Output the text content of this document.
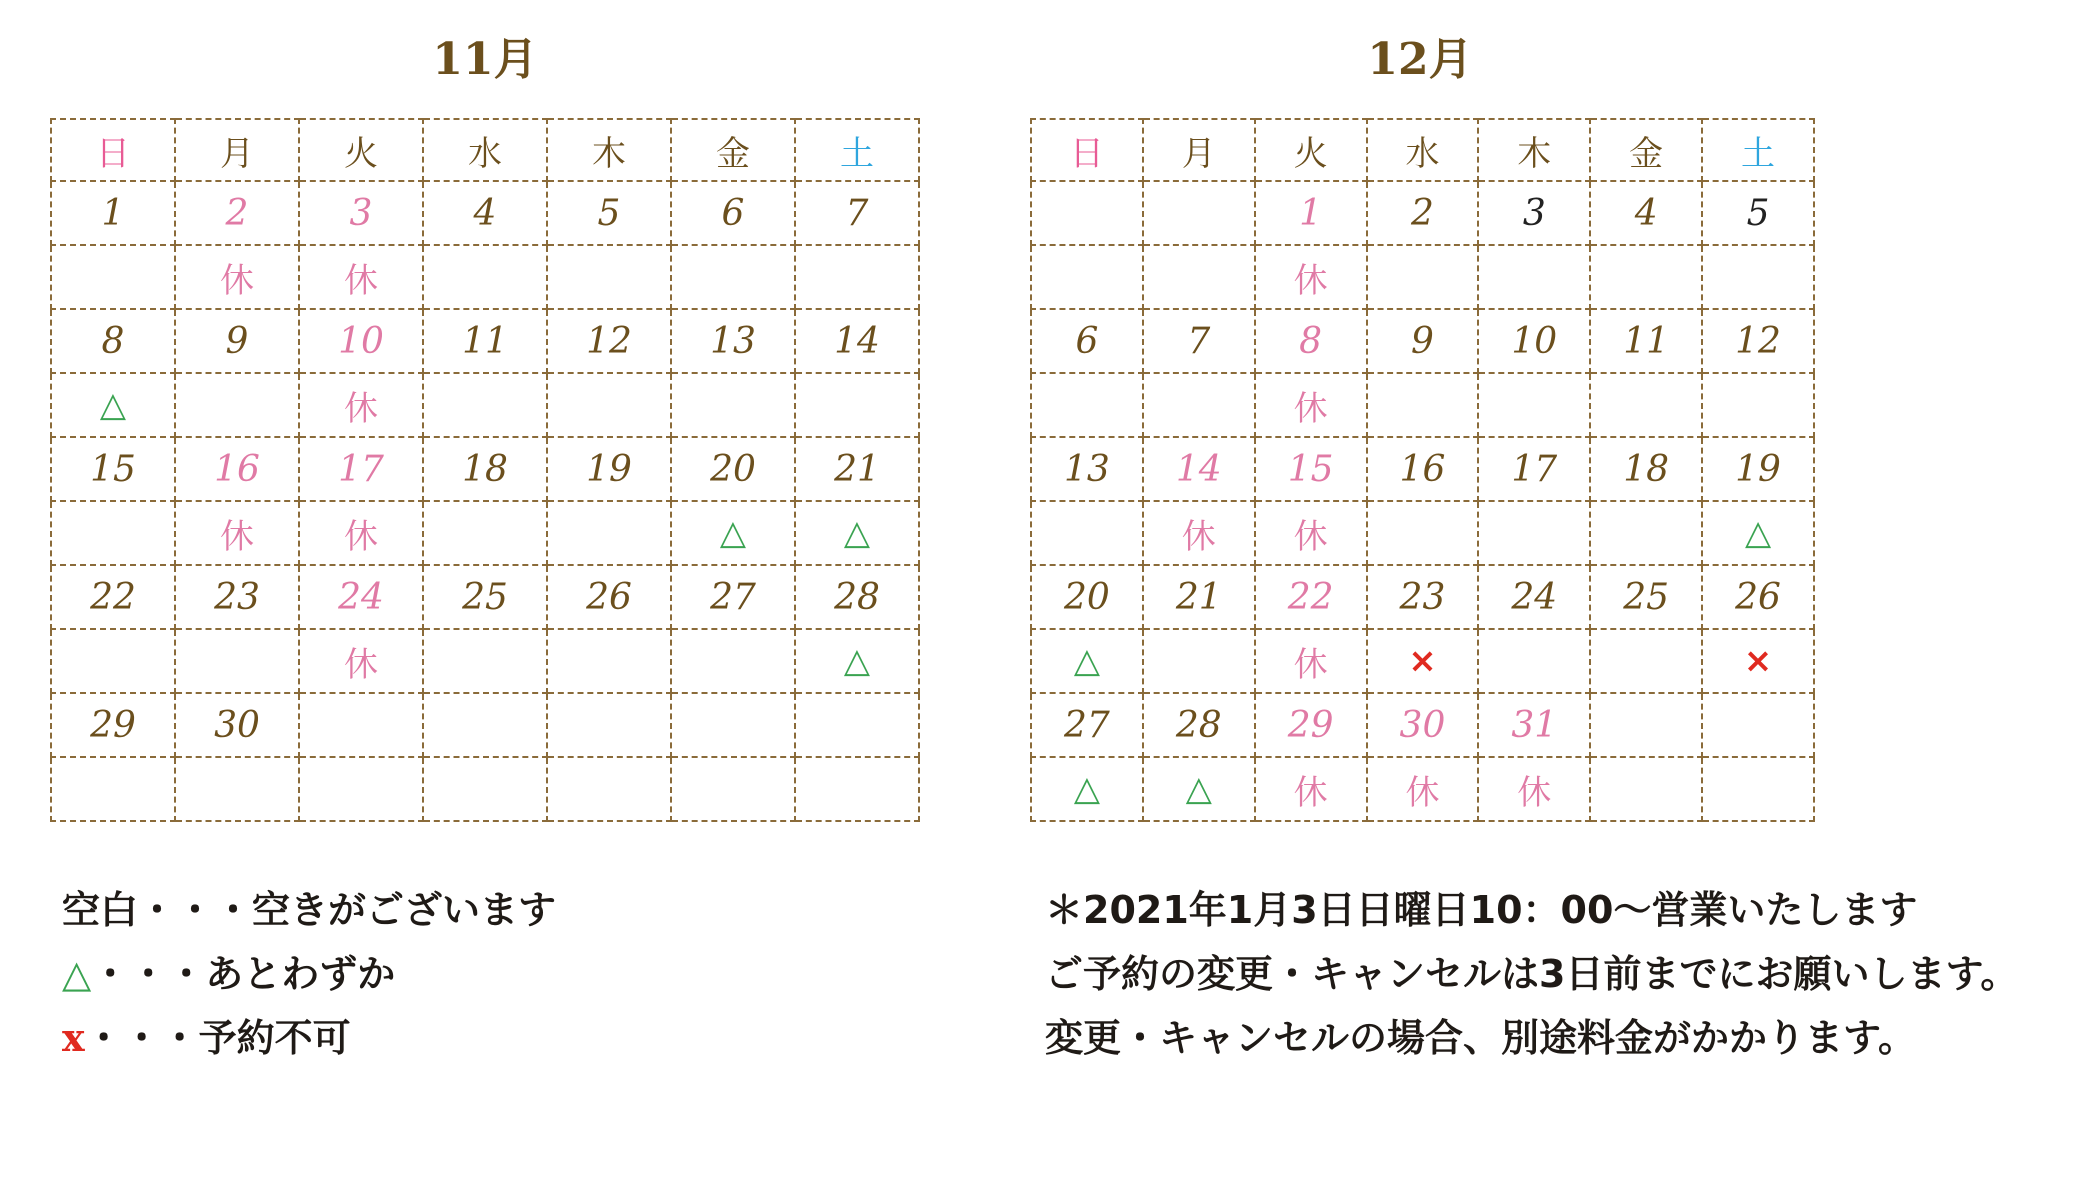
11月
日	月	火	水	木	金	土
1	2	3	4	5	6	7
	休	休				
8	9	10	11	12	13	14
△		休				
15	16	17	18	19	20	21
	休	休			△	△
22	23	24	25	26	27	28
		休				△
29	30					

12月
日	月	火	水	木	金	土
		1	2	3	4	5
		休				
6	7	8	9	10	11	12
		休				
13	14	15	16	17	18	19
	休	休				△
20	21	22	23	24	25	26
△		休	×			×
27	28	29	30	31		
△	△	休	休	休		
空白・・・空きがございます
△・・・あとわずか
x・・・予約不可
＊2021年1月3日日曜日10：00〜営業いたします
ご予約の変更・キャンセルは3日前までにお願いします。
変更・キャンセルの場合、別途料金がかかります。
